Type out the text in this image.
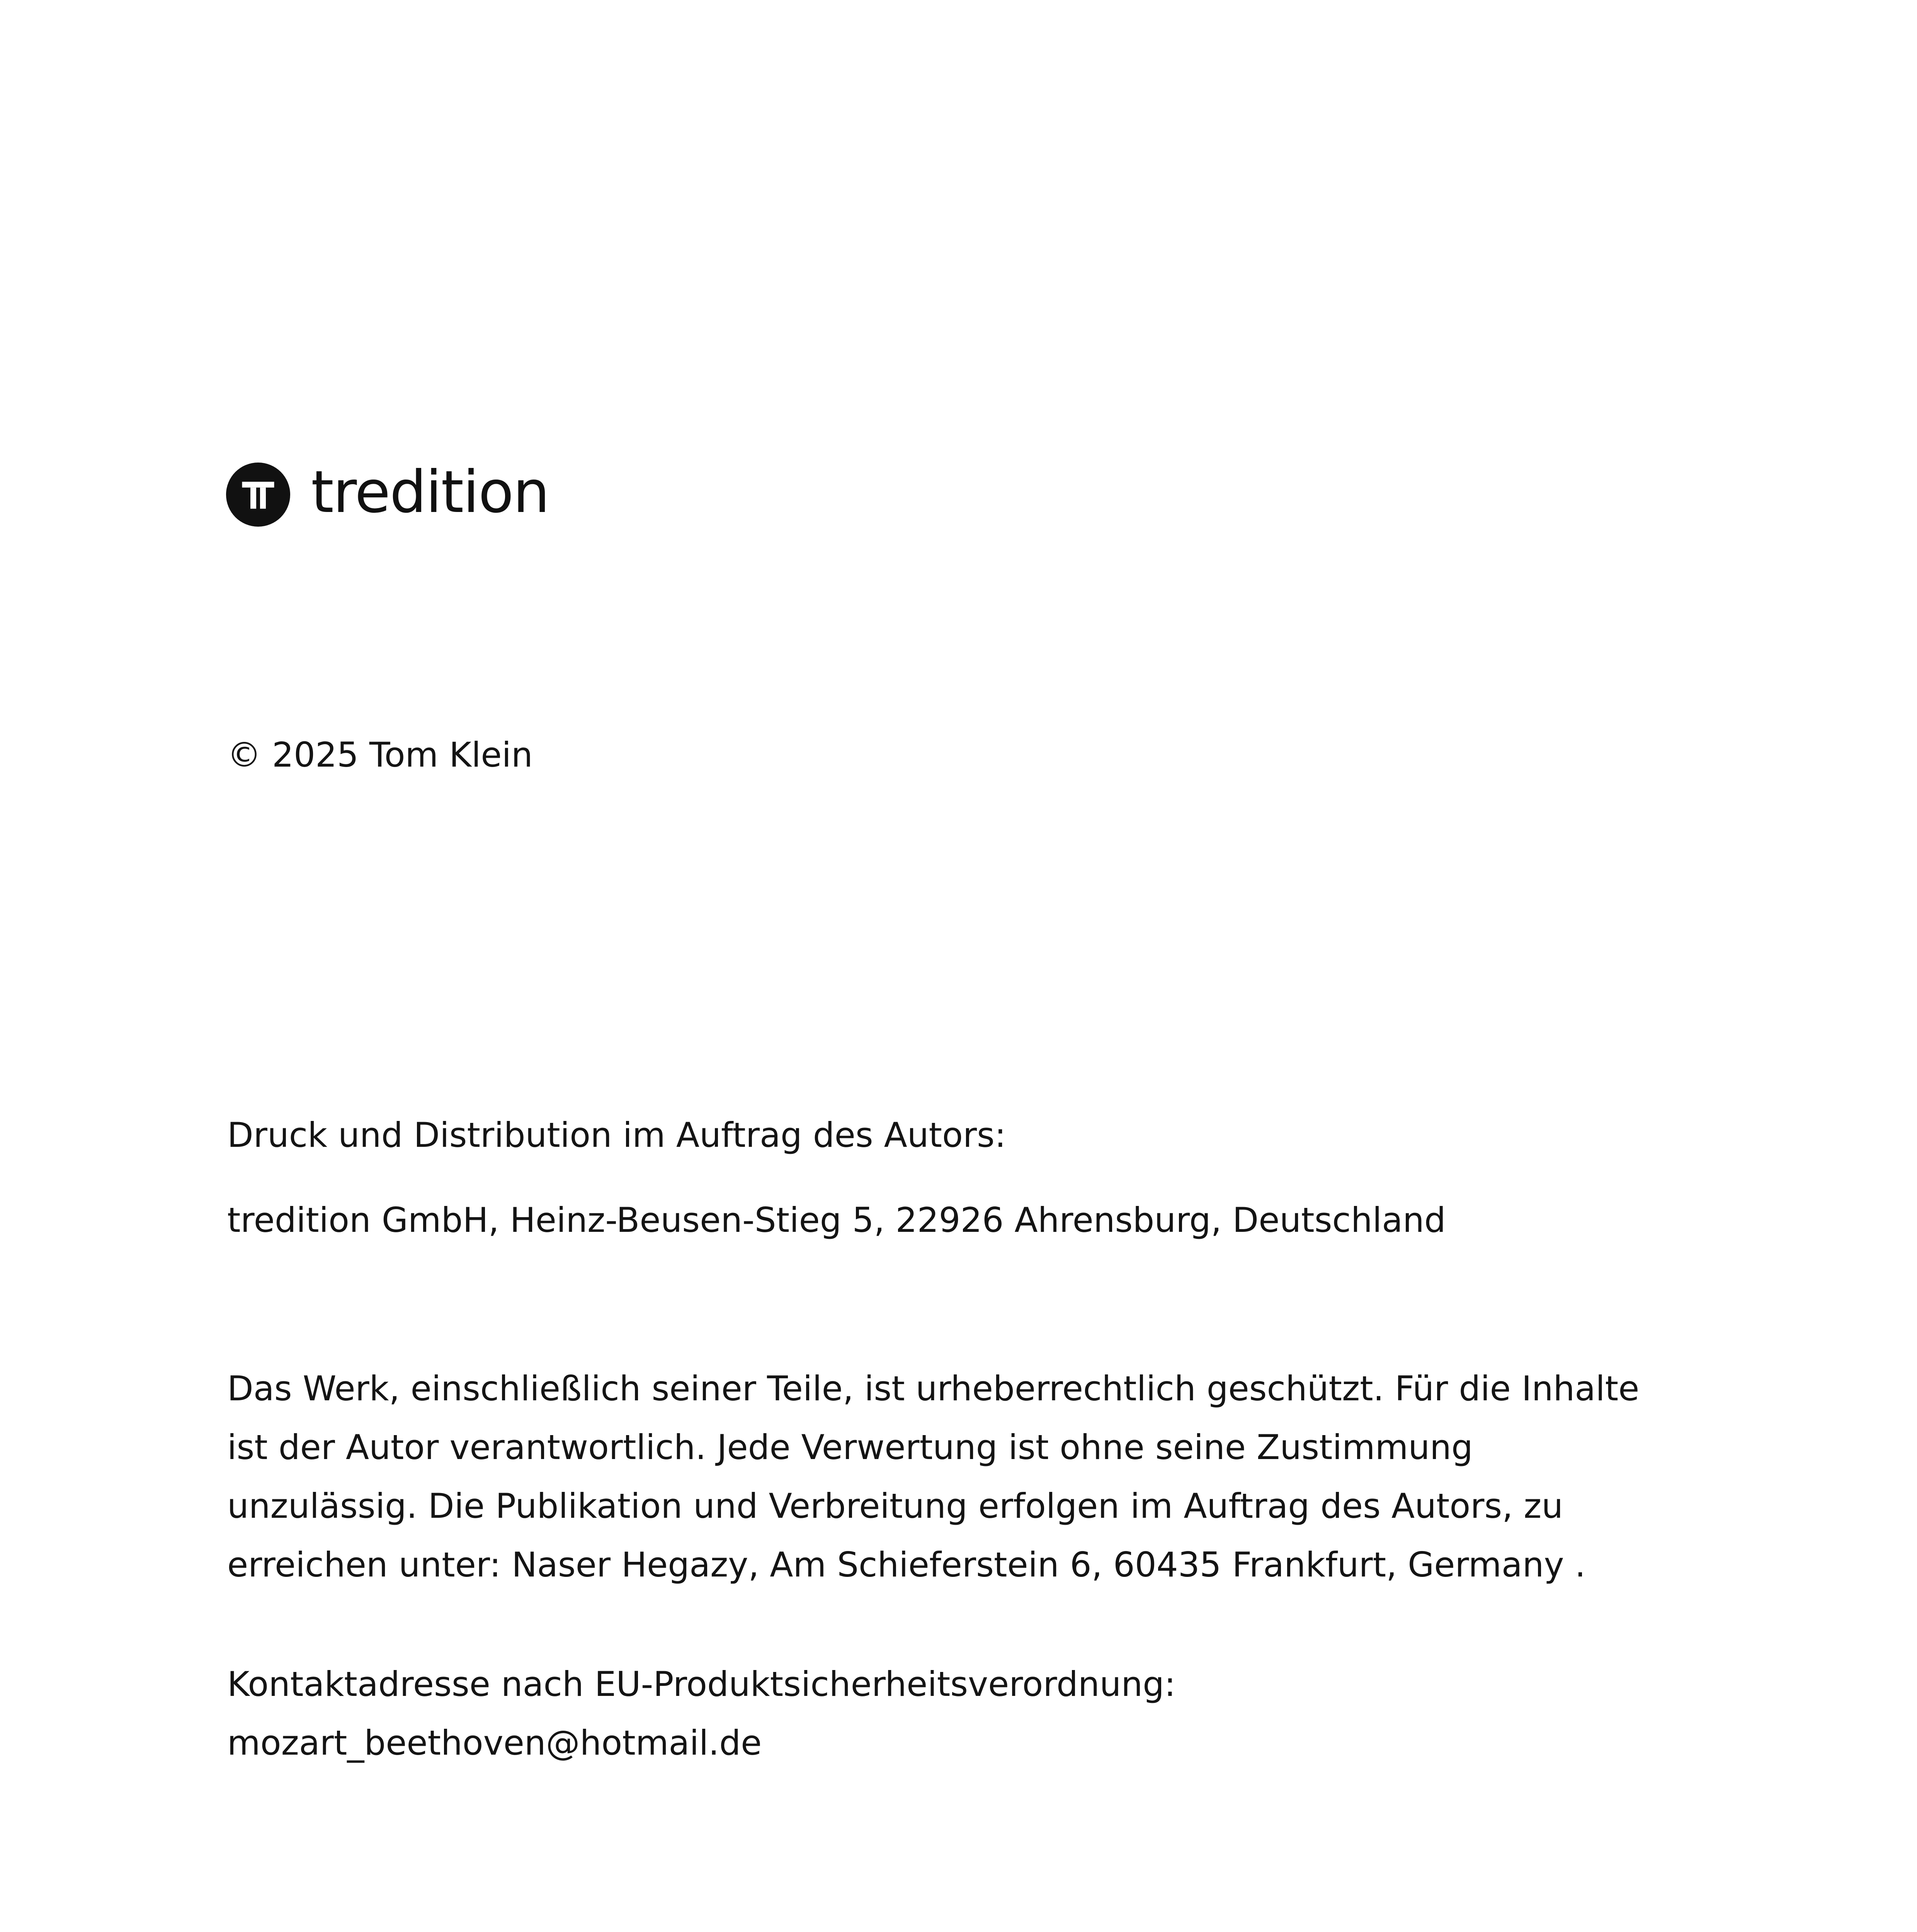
tredition

© 2025 Tom Klein

Druck und Distribution im Auftrag des Autors:

tredition GmbH, Heinz-Beusen-Stieg 5, 22926 Ahrensburg, Deutschland

Das Werk, einschließlich seiner Teile, ist urheberrechtlich geschützt. Für die Inhalte
ist der Autor verantwortlich. Jede Verwertung ist ohne seine Zustimmung
unzulässig. Die Publikation und Verbreitung erfolgen im Auftrag des Autors, zu
erreichen unter: Naser Hegazy, Am Schieferstein 6, 60435 Frankfurt, Germany .
Kontaktadresse nach EU-Produktsicherheitsverordnung:
mozart_beethoven@hotmail.de
